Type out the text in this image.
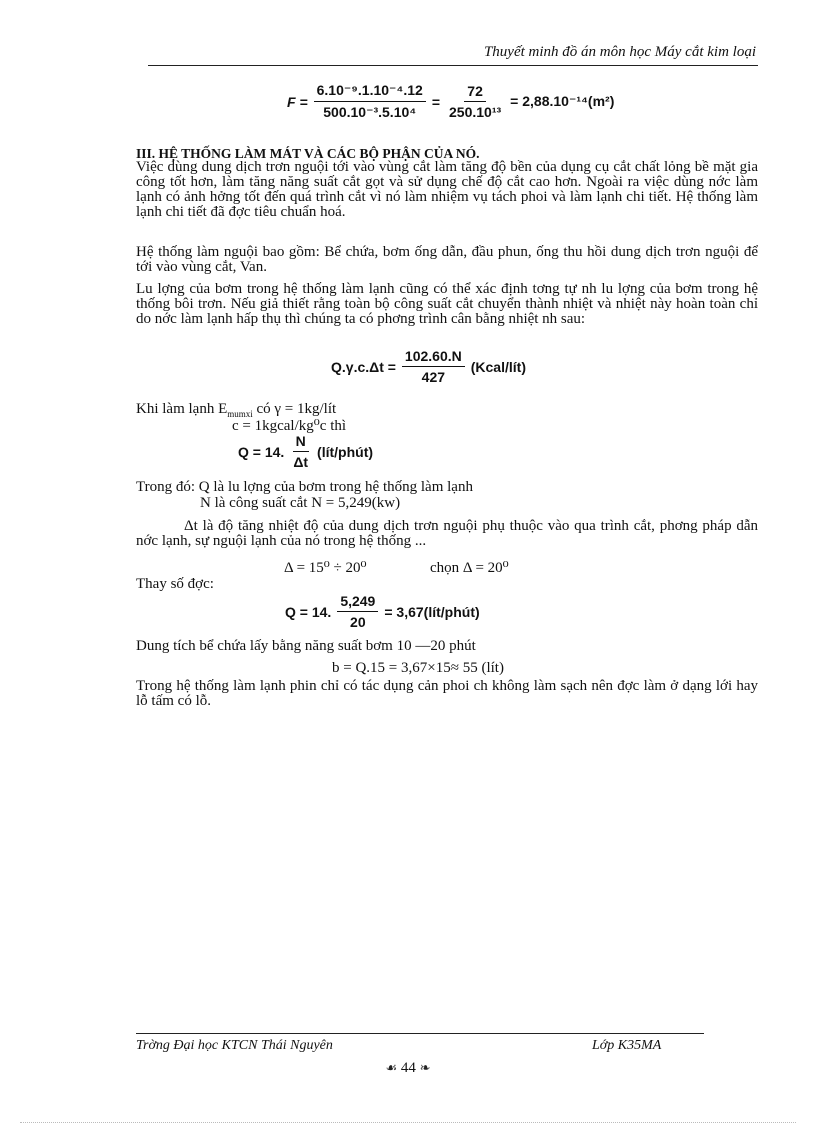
Thuyết minh đồ án môn học Máy cắt kim loại
$F = \frac{\text{6.10⁻⁹.1.10⁻⁴.12}}{\text{500.10⁻³.5.10⁴}} = \frac{72}{\text{250.10¹³}} = 2,88.10^{-14}(m^2)$
III. HỆ THỐNG LÀM MÁT VÀ CÁC BỘ PHẬN CỦA NÓ.
Việc dùng dung dịch trơn nguội tới vào vùng cắt làm tăng độ bền của dụng cụ cắt chất lỏng bề mặt gia công tốt hơn, làm tăng năng suất cắt gọt và sử dụng chế độ cắt cao hơn. Ngoài ra việc dùng nớc làm lạnh có ảnh hởng tốt đến quá trình cắt vì nó làm nhiệm vụ tách phoi và làm lạnh chi tiết. Hệ thống làm lạnh chi tiết đã đợc tiêu chuẩn hoá.
Hệ thống làm nguội bao gồm: Bể chứa, bơm ống dẫn, đầu phun, ống thu hồi dung dịch trơn nguội để tới vào vùng cắt, Van.
Lu lợng của bơm trong hệ thống làm lạnh cũng có thể xác định tơng tự nh lu lợng của bơm trong hệ thống bôi trơn. Nếu giả thiết rằng toàn bộ công suất cắt chuyển thành nhiệt và nhiệt này hoàn toàn chỉ do nớc làm lạnh hấp thụ thì chúng ta có phơng trình cân bằng nhiệt nh sau:
$Q.\gamma.c.\Delta t = \frac{102.60.N}{427}$ (Kcal/lít)
Khi làm lạnh $E_{mumxi}$ có γ = 1kg/lít
c = 1kgcal/kg⁰c thì
Q = 14. $\frac{N}{\Delta t}$ (lít/phút)
Trong đó: Q là lu lợng của bơm trong hệ thống làm lạnh
N là công suất cắt N = 5,249(kw)
Δt là độ tăng nhiệt độ của dung dịch trơn nguội phụ thuộc vào qua trình cắt, phơng pháp dẫn nớc lạnh, sự nguội lạnh của nó trong hệ thống ...
Δ = 15⁰ ÷ 20⁰	chọn Δ = 20⁰
Thay số đợc:
Q = 14. $\frac{5,249}{20}$ = 3,67(lít/phút)
Dung tích bể chứa lấy bằng năng suất bơm 10 —20 phút
b = Q.15 = 3,67×15≈ 55 (lít)
Trong hệ thống làm lạnh phin chỉ có tác dụng cản phoi ch không làm sạch nên đợc làm ở dạng lới hay lỗ tấm có lỗ.
Trờng Đại học KTCN Thái Nguyên	Lớp K35MA
☙ 44 ❧
